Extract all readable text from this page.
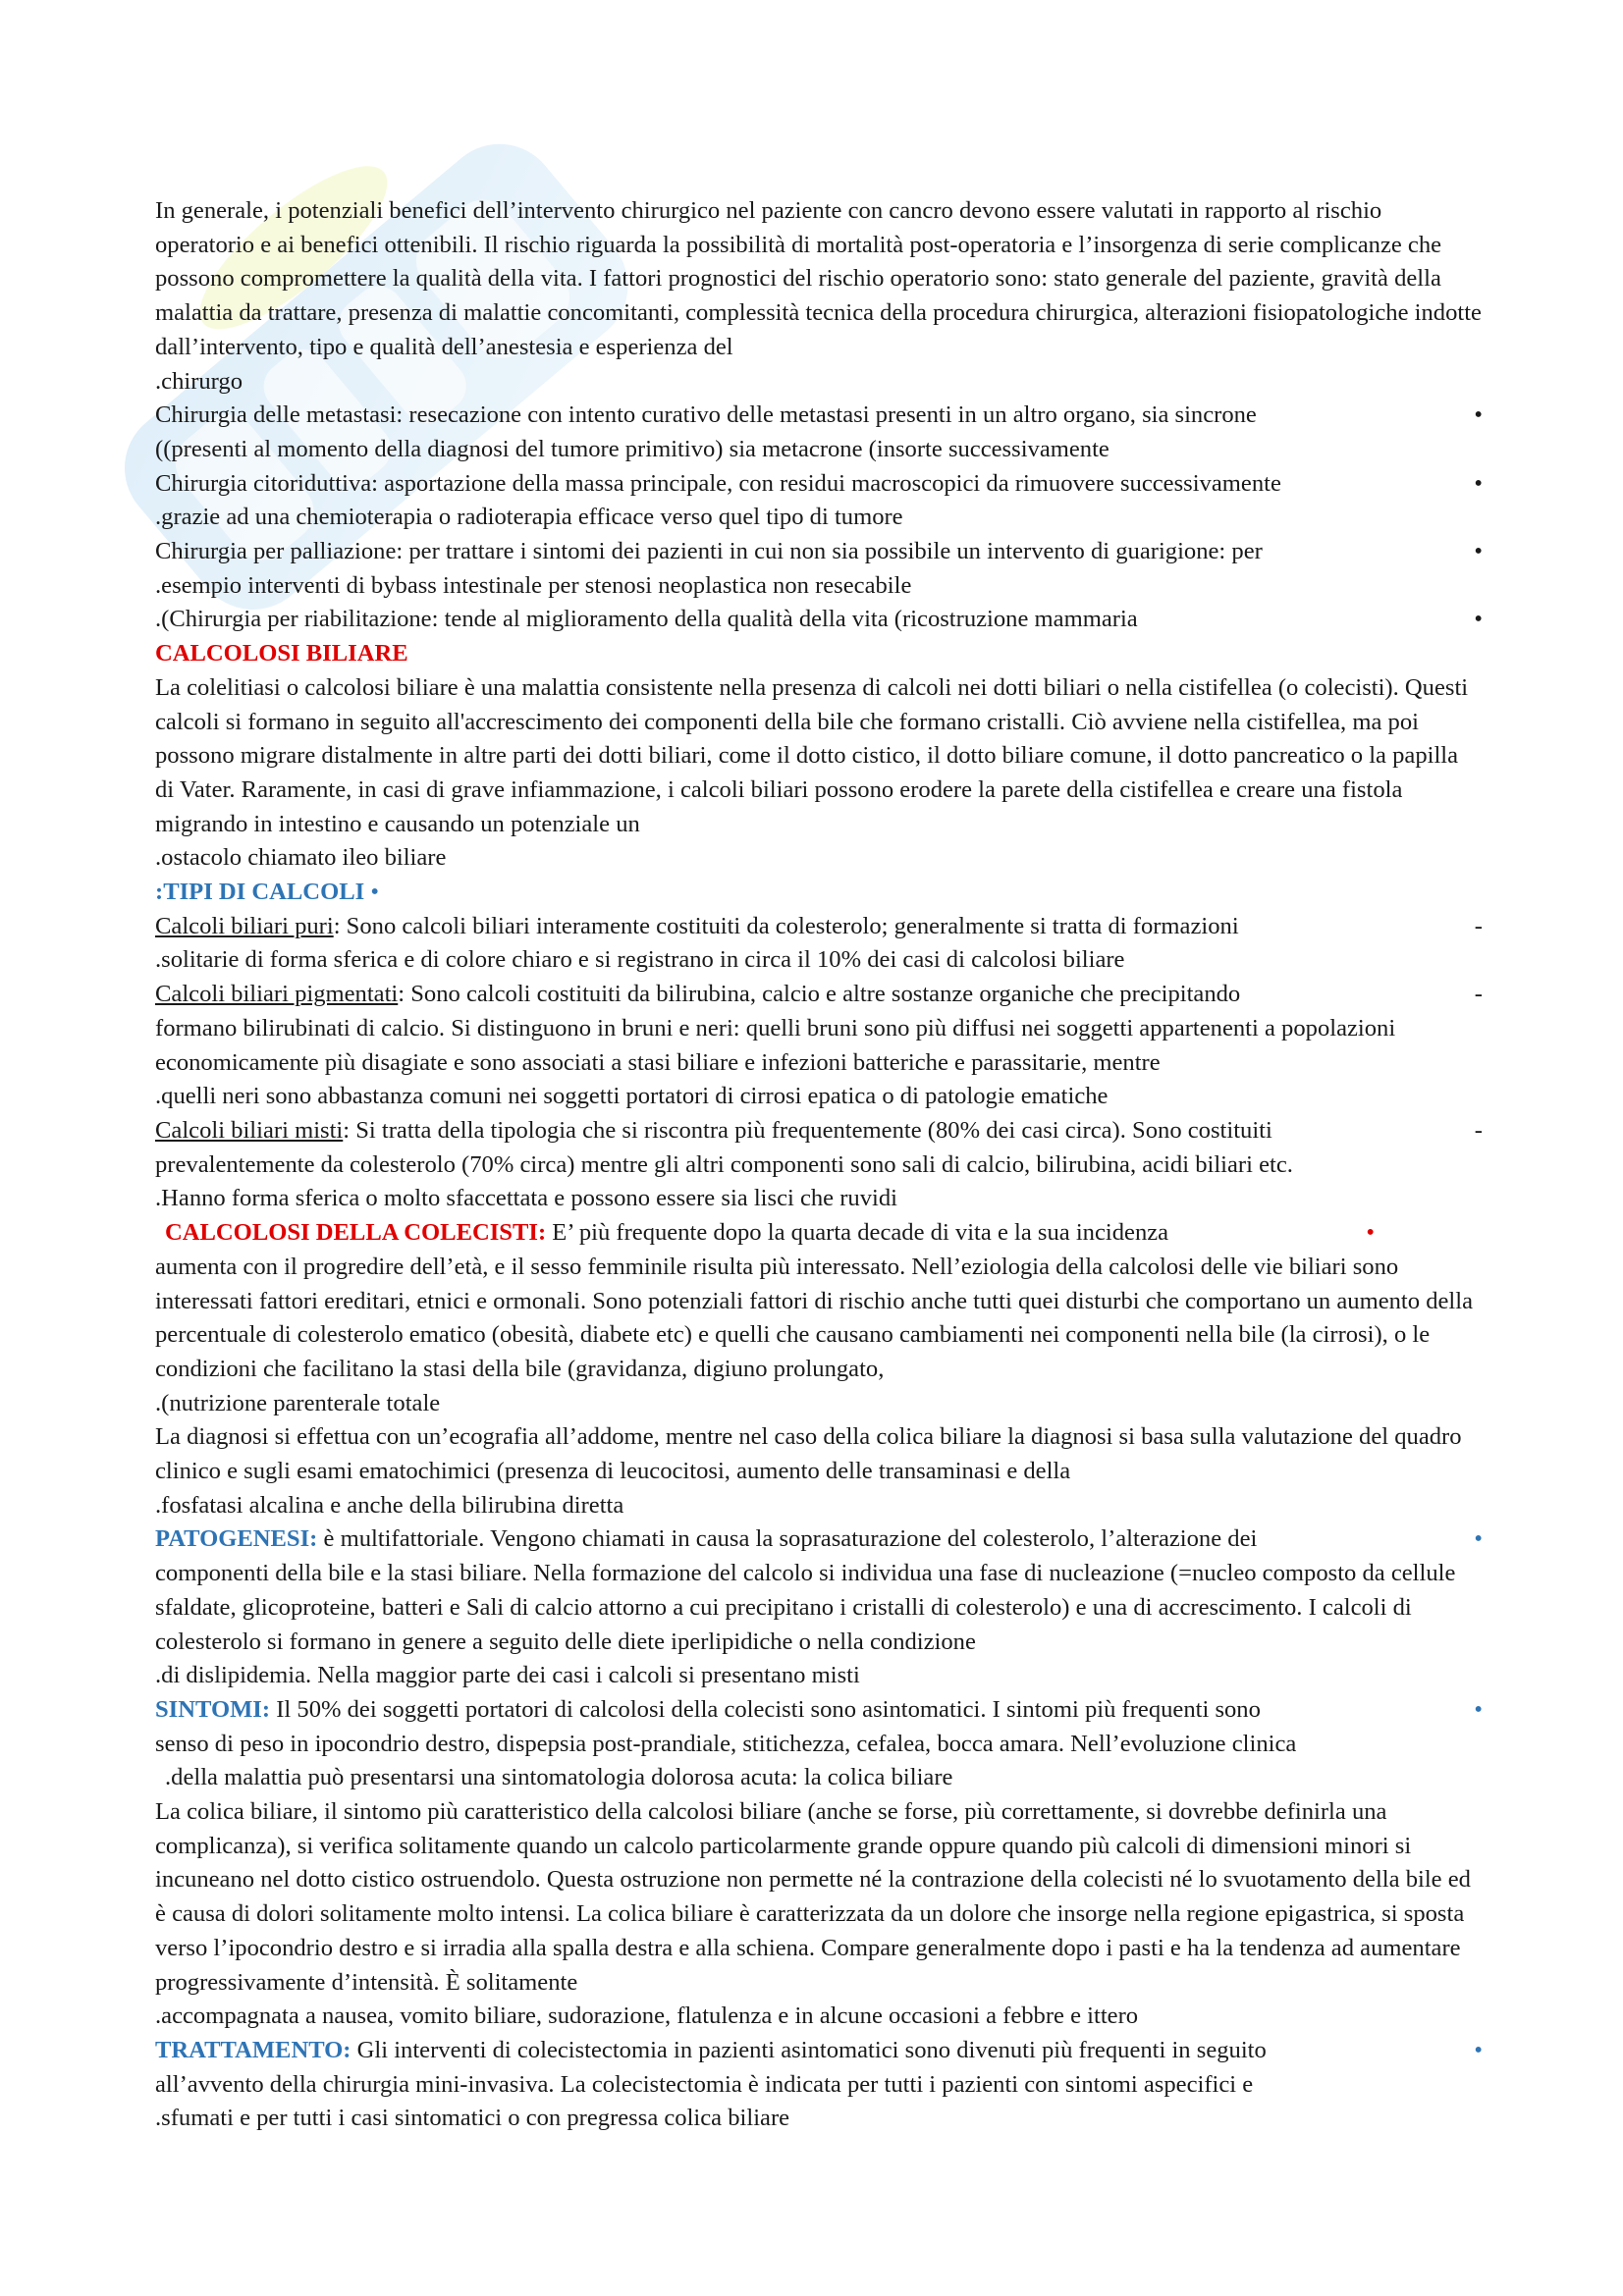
In generale, i potenziali benefici dell’intervento chirurgico nel paziente con cancro devono essere valutati in rapporto al rischio operatorio e ai benefici ottenibili. Il rischio riguarda la possibilità di mortalità post-operatoria e l’insorgenza di serie complicanze che possono compromettere la qualità della vita. I fattori prognostici del rischio operatorio sono: stato generale del paziente, gravità della malattia da trattare, presenza di malattie concomitanti, complessità tecnica della procedura chirurgica, alterazioni fisiopatologiche indotte dall’intervento, tipo e qualità dell’anestesia e esperienza del

.chirurgo

Chirurgia delle metastasi: resecazione con intento curativo delle metastasi presenti in un altro organo, sia sincrone	•

((presenti al momento della diagnosi del tumore primitivo) sia metacrone (insorte successivamente

Chirurgia citoriduttiva: asportazione della massa principale, con residui macroscopici da rimuovere successivamente	•

.grazie ad una chemioterapia o radioterapia efficace verso quel tipo di tumore

Chirurgia per palliazione: per trattare i sintomi dei pazienti in cui non sia possibile un intervento di guarigione: per	•

.esempio interventi di bybass intestinale per stenosi neoplastica non resecabile

.(Chirurgia per riabilitazione: tende al miglioramento della qualità della vita (ricostruzione mammaria	•

CALCOLOSI BILIARE

La colelitiasi o calcolosi biliare è una malattia consistente nella presenza di calcoli nei dotti biliari o nella cistifellea (o colecisti). Questi calcoli si formano in seguito all'accrescimento dei componenti della bile che formano cristalli. Ciò avviene nella cistifellea, ma poi possono migrare distalmente in altre parti dei dotti biliari, come il dotto cistico, il dotto biliare comune, il dotto pancreatico o la papilla di Vater. Raramente, in casi di grave infiammazione, i calcoli biliari possono erodere la parete della cistifellea e creare una fistola migrando in intestino e causando un potenziale un

.ostacolo chiamato ileo biliare

:TIPI DI CALCOLI •

Calcoli biliari puri: Sono calcoli biliari interamente costituiti da colesterolo; generalmente si tratta di formazioni	-

.solitarie di forma sferica e di colore chiaro e si registrano in circa il 10% dei casi di calcolosi biliare

Calcoli biliari pigmentati: Sono calcoli costituiti da bilirubina, calcio e altre sostanze organiche che precipitando	-

formano bilirubinati di calcio. Si distinguono in bruni e neri: quelli bruni sono più diffusi nei soggetti appartenenti a popolazioni economicamente più disagiate e sono associati a stasi biliare e infezioni batteriche e parassitarie, mentre

.quelli neri sono abbastanza comuni nei soggetti portatori di cirrosi epatica o di patologie ematiche

Calcoli biliari misti: Si tratta della tipologia che si riscontra più frequentemente (80% dei casi circa). Sono costituiti	-

prevalentemente da colesterolo (70% circa) mentre gli altri componenti sono sali di calcio, bilirubina, acidi biliari etc.

.Hanno forma sferica o molto sfaccettata e possono essere sia lisci che ruvidi

CALCOLOSI DELLA COLECISTI: E’ più frequente dopo la quarta decade di vita e la sua incidenza	•

aumenta con il progredire dell’età, e il sesso femminile risulta più interessato. Nell’eziologia della calcolosi delle vie biliari sono interessati fattori ereditari, etnici e ormonali. Sono potenziali fattori di rischio anche tutti quei disturbi che comportano un aumento della percentuale di colesterolo ematico (obesità, diabete etc) e quelli che causano cambiamenti nei componenti nella bile (la cirrosi), o le condizioni che facilitano la stasi della bile (gravidanza, digiuno prolungato,

.(nutrizione parenterale totale

La diagnosi si effettua con un’ecografia all’addome, mentre nel caso della colica biliare la diagnosi si basa sulla valutazione del quadro clinico e sugli esami ematochimici (presenza di leucocitosi, aumento delle transaminasi e della

.fosfatasi alcalina e anche della bilirubina diretta

PATOGENESI: è multifattoriale. Vengono chiamati in causa la soprasaturazione del colesterolo, l’alterazione dei	•

componenti della bile e la stasi biliare. Nella formazione del calcolo si individua una fase di nucleazione (=nucleo composto da cellule sfaldate, glicoproteine, batteri e Sali di calcio attorno a cui precipitano i cristalli di colesterolo) e una di accrescimento. I calcoli di colesterolo si formano in genere a seguito delle diete iperlipidiche o nella condizione

.di dislipidemia. Nella maggior parte dei casi i calcoli si presentano misti

SINTOMI: Il 50% dei soggetti portatori di calcolosi della colecisti sono asintomatici. I sintomi più frequenti sono	•

senso di peso in ipocondrio destro, dispepsia post-prandiale, stitichezza, cefalea, bocca amara. Nell’evoluzione clinica

.della malattia può presentarsi una sintomatologia dolorosa acuta: la colica biliare

La colica biliare, il sintomo più caratteristico della calcolosi biliare (anche se forse, più correttamente, si dovrebbe definirla una complicanza), si verifica solitamente quando un calcolo particolarmente grande oppure quando più calcoli di dimensioni minori si incuneano nel dotto cistico ostruendolo. Questa ostruzione non permette né la contrazione della colecisti né lo svuotamento della bile ed è causa di dolori solitamente molto intensi. La colica biliare è caratterizzata da un dolore che insorge nella regione epigastrica, si sposta verso l’ipocondrio destro e si irradia alla spalla destra e alla schiena. Compare generalmente dopo i pasti e ha la tendenza ad aumentare progressivamente d’intensità. È solitamente

.accompagnata a nausea, vomito biliare, sudorazione, flatulenza e in alcune occasioni a febbre e ittero

TRATTAMENTO: Gli interventi di colecistectomia in pazienti asintomatici sono divenuti più frequenti in seguito	•

all’avvento della chirurgia mini-invasiva. La colecistectomia è indicata per tutti i pazienti con sintomi aspecifici e

.sfumati e per tutti i casi sintomatici o con pregressa colica biliare
